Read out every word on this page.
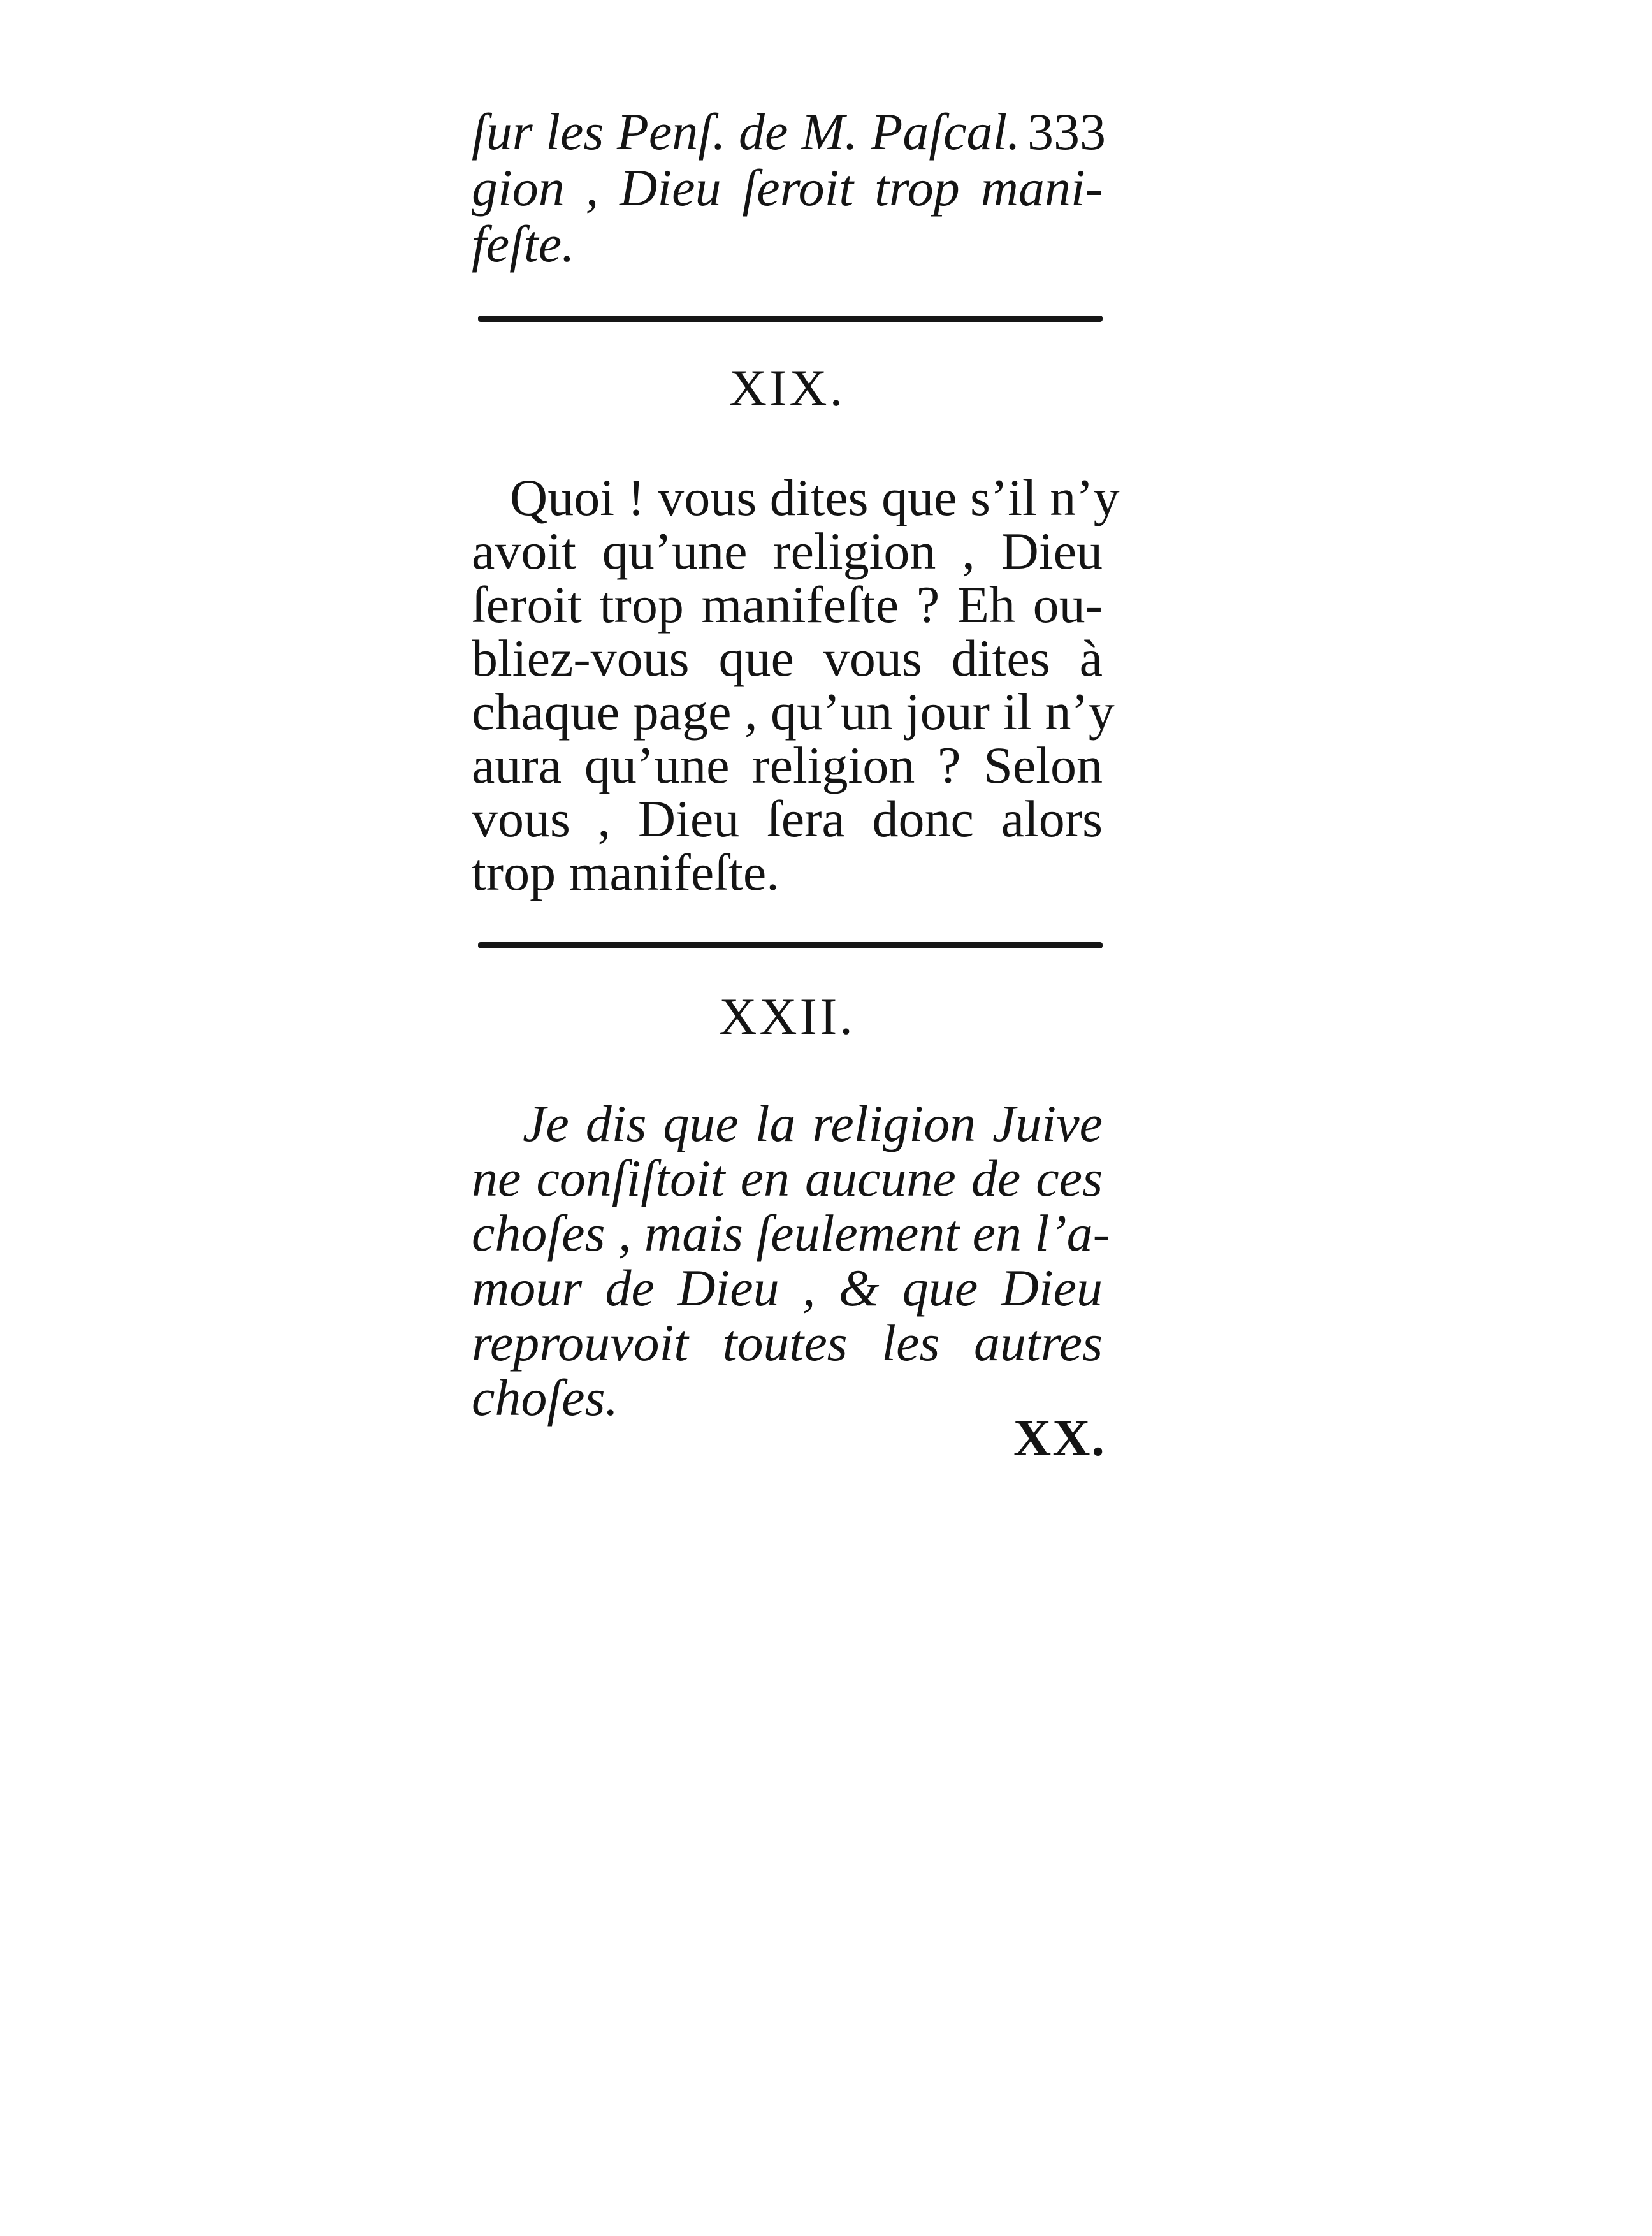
ſur les Penſ. de M. Paſcal. 333
gion , Dieu ſeroit trop mani-
feſte.
XIX.
Quoi ! vous dites que s’il n’y
avoit qu’une religion , Dieu
ſeroit trop manifeſte ? Eh ou-
bliez-vous que vous dites à
chaque page , qu’un jour il n’y
aura qu’une religion ? Selon
vous , Dieu ſera donc alors
trop manifeſte.
XXII.
Je dis que la religion Juive
ne conſiſtoit en aucune de ces
choſes , mais ſeulement en l’a-
mour de Dieu , & que Dieu
reprouvoit toutes les autres
choſes.
XX.
